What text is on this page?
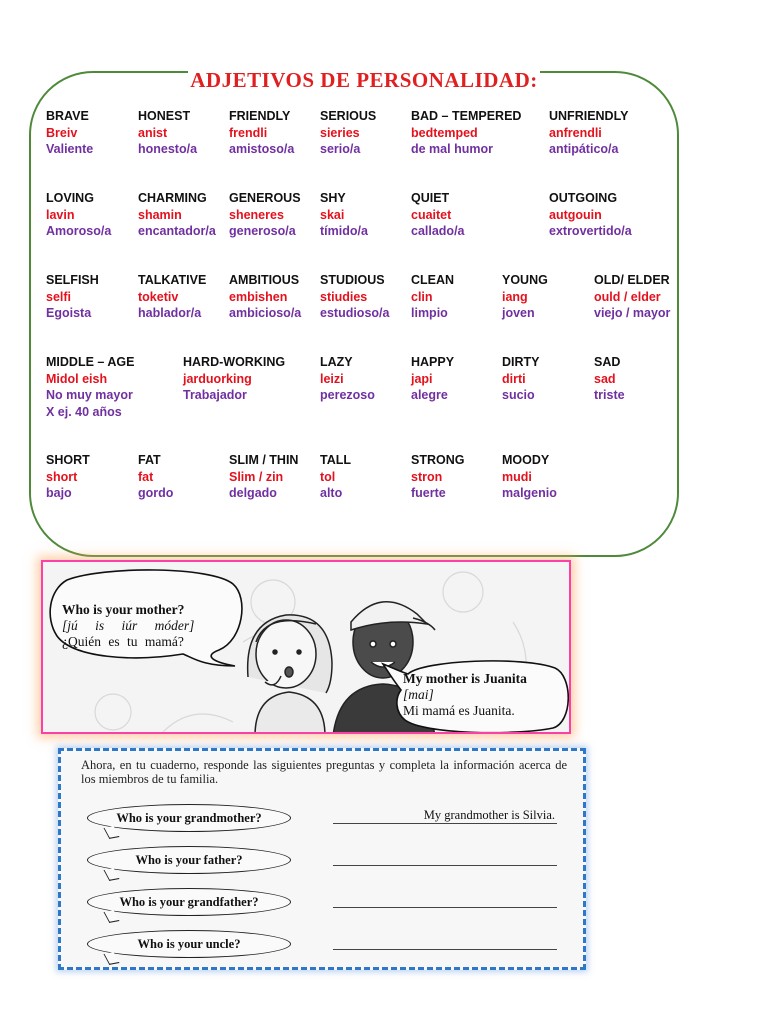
ADJETIVOS DE PERSONALIDAD:
BRAVE
Breiv
Valiente
HONEST
anist
honesto/a
FRIENDLY
frendli
amistoso/a
SERIOUS
sieries
serio/a
BAD – TEMPERED
bedtemped
de mal humor
UNFRIENDLY
anfrendli
antipático/a
LOVING
lavin
Amoroso/a
CHARMING
shamin
encantador/a
GENEROUS
sheneres
generoso/a
SHY
skai
tímido/a
QUIET
cuaitet
callado/a
OUTGOING
autgouin
extrovertido/a
SELFISH
selfi
Egoista
TALKATIVE
toketiv
hablador/a
AMBITIOUS
embishen
ambicioso/a
STUDIOUS
stiudies
estudioso/a
CLEAN
clin
limpio
YOUNG
iang
joven
OLD/ ELDER
ould / elder
viejo / mayor
MIDDLE – AGE
Midol eish
No muy mayor
X ej. 40 años
HARD-WORKING
jarduorking
Trabajador
LAZY
leizi
perezoso
HAPPY
japi
alegre
DIRTY
dirti
sucio
SAD
sad
triste
SHORT
short
bajo
FAT
fat
gordo
SLIM / THIN
Slim / zin
delgado
TALL
tol
alto
STRONG
stron
fuerte
MOODY
mudi
malgenio
Who is your mother?
[jú is iúr móder]
¿Quién es tu mamá?
My mother is Juanita
[mai]
Mi mamá es Juanita.

Ahora, en tu cuaderno, responde las siguientes preguntas y completa la información acerca de los miembros de tu familia.

Who is your grandmother?	My grandmother is Silvia.
Who is your father?
Who is your grandfather?
Who is your uncle?
